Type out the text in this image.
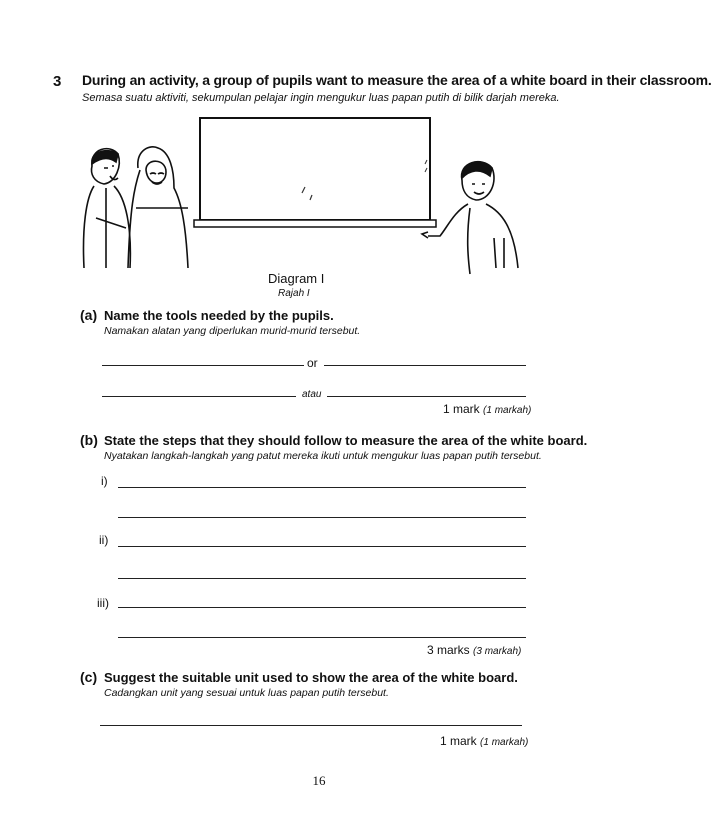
3 During an activity, a group of pupils want to measure the area of a white board in their classroom.
Semasa suatu aktiviti, sekumpulan pelajar ingin mengukur luas papan putih di bilik darjah mereka.
Diagram I
Rajah I
(a) Name the tools needed by the pupils.
Namakan alatan yang diperlukan murid-murid tersebut.
or
atau
1 mark (1 markah)
(b) State the steps that they should follow to measure the area of the white board.
Nyatakan langkah-langkah yang patut mereka ikuti untuk mengukur luas papan putih tersebut.
i)
ii)
iii)
3 marks (3 markah)
(c) Suggest the suitable unit used to show the area of the white board.
Cadangkan unit yang sesuai untuk luas papan putih tersebut.
1 mark (1 markah)
16
